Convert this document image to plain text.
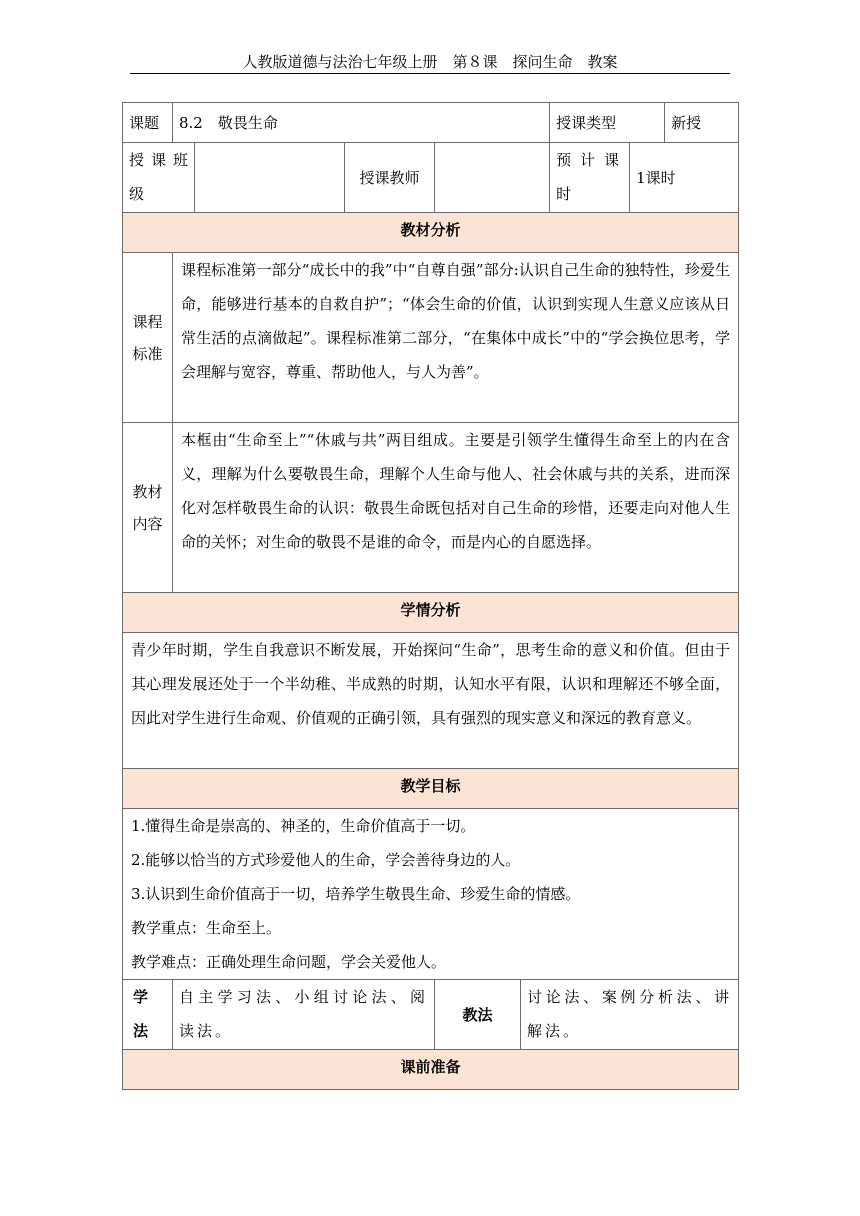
人教版道德与法治七年级上册　第８课　探问生命　教案
课题	8.2　敬畏生命					授课类型		新授
授课班级			授课教师			预计课时	1课时	
教材分析								
课程标准	课程标准第一部分“成长中的我”中“自尊自强”部分:认识自己生命的独特性，珍爱生命，能够进行基本的自救自护”；“体会生命的价值，认识到实现人生意义应该从日常生活的点滴做起”。课程标准第二部分，“在集体中成长”中的“学会换位思考，学会理解与宽容，尊重、帮助他人，与人为善”。							
教材内容	本框由“生命至上”“休戚与共”两目组成。主要是引领学生懂得生命至上的内在含义，理解为什么要敬畏生命，理解个人生命与他人、社会休戚与共的关系，进而深化对怎样敬畏生命的认识：敬畏生命既包括对自己生命的珍惜，还要走向对他人生命的关怀；对生命的敬畏不是谁的命令，而是内心的自愿选择。							
学情分析								
青少年时期，学生自我意识不断发展，开始探问“生命”，思考生命的意义和价值。但由于其心理发展还处于一个半幼稚、半成熟的时期，认知水平有限，认识和理解还不够全面，因此对学生进行生命观、价值观的正确引领，具有强烈的现实意义和深远的教育意义。								
教学目标								

1.懂得生命是崇高的、神圣的，生命价值高于一切。
2.能够以恰当的方式珍爱他人的生命，学会善待身边的人。
3.认识到生命价值高于一切，培养学生敬畏生命、珍爱生命的情感。
教学重点：生命至上。
教学难点：正确处理生命问题，学会关爱他人。								

学法	自主学习法、小组讨论法、阅读法。			教法	讨论法、案例分析法、讲解法。			
课前准备								
